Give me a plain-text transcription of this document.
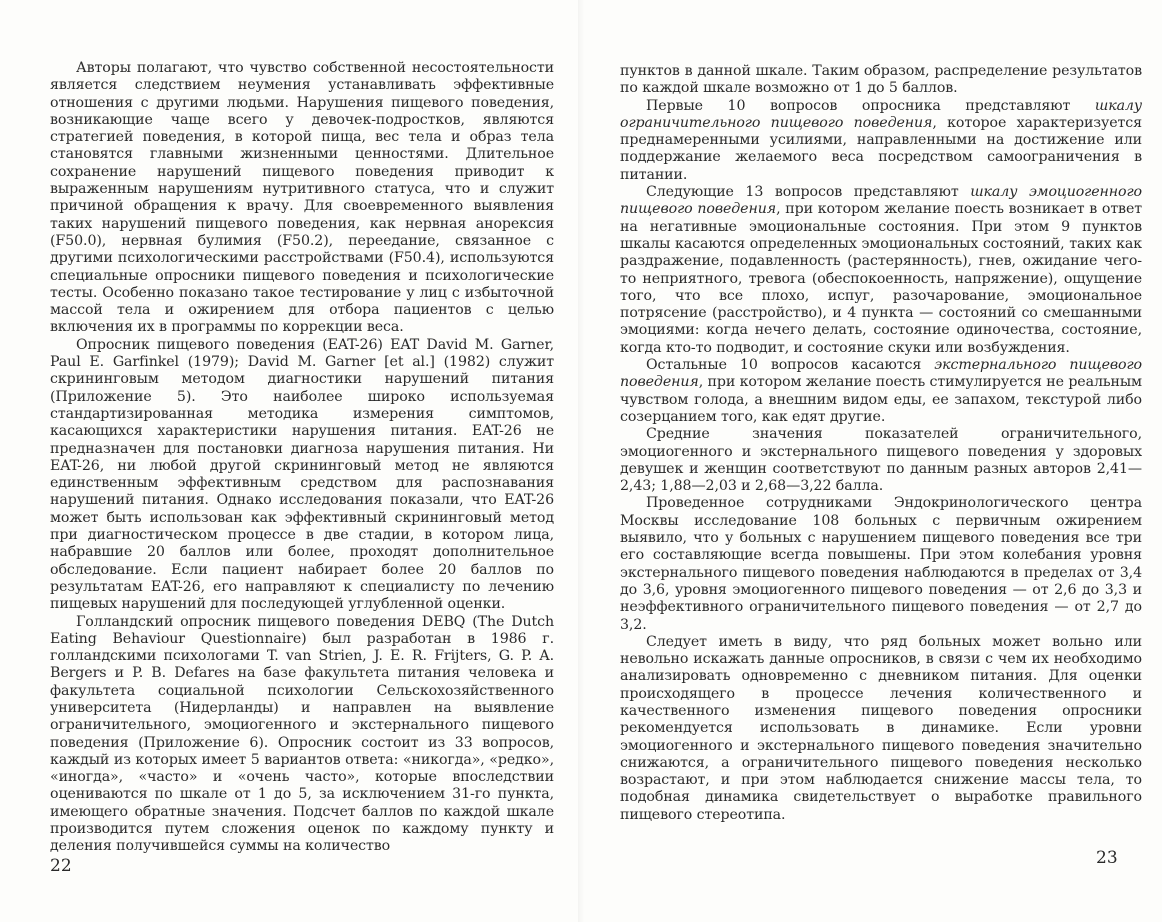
Авторы полагают, что чувство собственной несостоятельности является следствием неумения устанавливать эффективные отношения с другими людьми. Нарушения пищевого поведения, возникающие чаще всего у девочек-подростков, являются стратегией поведения, в которой пища, вес тела и образ тела становятся главными жизненными ценностями. Длительное сохранение нарушений пищевого поведения приводит к выраженным нарушениям нутритивного статуса, что и служит причиной обращения к врачу. Для своевременного выявления таких нарушений пищевого поведения, как нервная анорексия (F50.0), нервная булимия (F50.2), переедание, связанное с другими психологическими расстройствами (F50.4), используются специальные опросники пищевого поведения и психологические тесты. Особенно показано такое тестирование у лиц с избыточной массой тела и ожирением для отбора пациентов с целью включения их в программы по коррекции веса.

Опросник пищевого поведения (EAT-26) EAT David M. Garner, Paul E. Garfinkel (1979); David M. Garner [et al.] (1982) служит скрининговым методом диагностики нарушений питания (Приложение 5). Это наиболее широко используемая стандартизированная методика измерения симптомов, касающихся характеристики нарушения питания. EAT-26 не предназначен для постановки диагноза нарушения питания. Ни EAT-26, ни любой другой скрининговый метод не являются единственным эффективным средством для распознавания нарушений питания. Однако исследования показали, что EAT-26 может быть использован как эффективный скрининговый метод при диагностическом процессе в две стадии, в котором лица, набравшие 20 баллов или более, проходят дополнительное обследование. Если пациент набирает более 20 баллов по результатам EAT-26, его направляют к специалисту по лечению пищевых нарушений для последующей углубленной оценки.

Голландский опросник пищевого поведения DEBQ (The Dutch Eating Behaviour Questionnaire) был разработан в 1986 г. голландскими психологами T. van Strien, J. E. R. Frijters, G. P. A. Bergers и P. B. Defares на базе факультета питания человека и факультета социальной психологии Сельскохозяйственного университета (Нидерланды) и направлен на выявление ограничительного, эмоциогенного и экстернального пищевого поведения (Приложение 6). Опросник состоит из 33 вопросов, каждый из которых имеет 5 вариантов ответа: «никогда», «редко», «иногда», «часто» и «очень часто», которые впоследствии оцениваются по шкале от 1 до 5, за исключением 31-го пункта, имеющего обратные значения. Подсчет баллов по каждой шкале производится путем сложения оценок по каждому пункту и деления получившейся суммы на количество

22

пунктов в данной шкале. Таким образом, распределение результатов по каждой шкале возможно от 1 до 5 баллов.

Первые 10 вопросов опросника представляют шкалу ограничительного пищевого поведения, которое характеризуется преднамеренными усилиями, направленными на достижение или поддержание желаемого веса посредством самоограничения в питании.

Следующие 13 вопросов представляют шкалу эмоциогенного пищевого поведения, при котором желание поесть возникает в ответ на негативные эмоциональные состояния. При этом 9 пунктов шкалы касаются определенных эмоциональных состояний, таких как раздражение, подавленность (растерянность), гнев, ожидание чего-то неприятного, тревога (обеспокоенность, напряжение), ощущение того, что все плохо, испуг, разочарование, эмоциональное потрясение (расстройство), и 4 пункта — состояний со смешанными эмоциями: когда нечего делать, состояние одиночества, состояние, когда кто-то подводит, и состояние скуки или возбуждения.

Остальные 10 вопросов касаются экстернального пищевого поведения, при котором желание поесть стимулируется не реальным чувством голода, а внешним видом еды, ее запахом, текстурой либо созерцанием того, как едят другие.

Средние значения показателей ограничительного, эмоциогенного и экстернального пищевого поведения у здоровых девушек и женщин соответствуют по данным разных авторов 2,41—2,43; 1,88—2,03 и 2,68—3,22 балла.

Проведенное сотрудниками Эндокринологического центра Москвы исследование 108 больных с первичным ожирением выявило, что у больных с нарушением пищевого поведения все три его составляющие всегда повышены. При этом колебания уровня экстернального пищевого поведения наблюдаются в пределах от 3,4 до 3,6, уровня эмоциогенного пищевого поведения — от 2,6 до 3,3 и неэффективного ограничительного пищевого поведения — от 2,7 до 3,2.

Следует иметь в виду, что ряд больных может вольно или невольно искажать данные опросников, в связи с чем их необходимо анализировать одновременно с дневником питания. Для оценки происходящего в процессе лечения количественного и качественного изменения пищевого поведения опросники рекомендуется использовать в динамике. Если уровни эмоциогенного и экстернального пищевого поведения значительно снижаются, а ограничительного пищевого поведения несколько возрастают, и при этом наблюдается снижение массы тела, то подобная динамика свидетельствует о выработке правильного пищевого стереотипа.

23
